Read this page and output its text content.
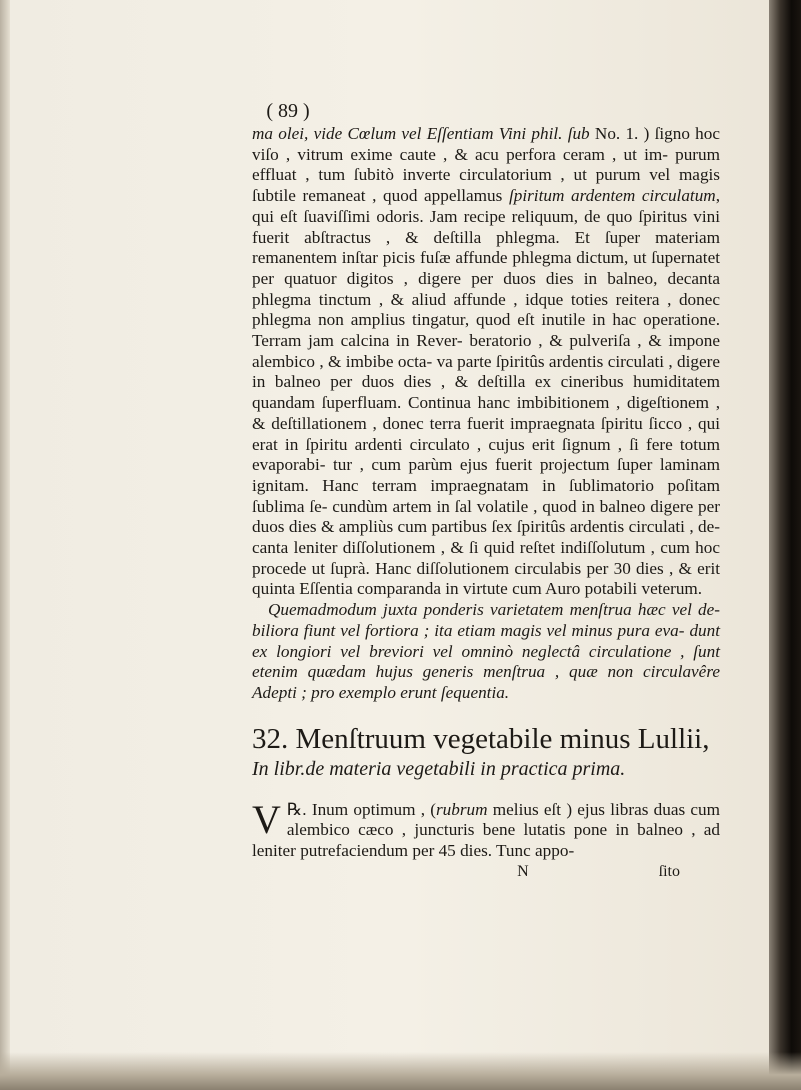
( 89 )

ma olei, vide Cœlum vel Eſſentiam Vini phil. ſub No. 1. ) ſigno hoc viſo , vitrum exime caute , & acu perfora ceram , ut im- purum effluat , tum ſubitò inverte circulatorium , ut purum vel magis ſubtile remaneat , quod appellamus ſpiritum ardentem circulatum, qui eſt ſuaviſſimi odoris. Jam recipe reliquum, de quo ſpiritus vini fuerit abſtractus , & deſtilla phlegma. Et ſuper materiam remanentem inſtar picis fuſæ affunde phlegma dictum, ut ſupernatet per quatuor digitos , digere per duos dies in balneo, decanta phlegma tinctum , & aliud affunde , idque toties reitera , donec phlegma non amplius tingatur, quod eſt inutile in hac operatione. Terram jam calcina in Rever- beratorio , & pulveriſa , & impone alembico , & imbibe octa- va parte ſpiritûs ardentis circulati , digere in balneo per duos dies , & deſtilla ex cineribus humiditatem quandam ſuperfluam. Continua hanc imbibitionem , digeſtionem , & deſtillationem , donec terra fuerit impraegnata ſpiritu ſicco , qui erat in ſpiritu ardenti circulato , cujus erit ſignum , ſi fere totum evaporabi- tur , cum parùm ejus fuerit projectum ſuper laminam ignitam. Hanc terram impraegnatam in ſublimatorio poſitam ſublima ſe- cundùm artem in ſal volatile , quod in balneo digere per duos dies & ampliùs cum partibus ſex ſpiritûs ardentis circulati , de- canta leniter diſſolutionem , & ſi quid reſtet indiſſolutum , cum hoc procede ut ſuprà. Hanc diſſolutionem circulabis per 30 dies , & erit quinta Eſſentia comparanda in virtute cum Auro potabili veterum.

Quemadmodum juxta ponderis varietatem menſtrua hæc vel de- biliora fiunt vel fortiora ; ita etiam magis vel minus pura eva- dunt ex longiori vel breviori vel omninò neglectâ circulatione , ſunt etenim quædam hujus generis menſtrua , quæ non circulavêre Adepti ; pro exemplo erunt ſequentia.

32. Menſtruum vegetabile minus Lullii,
In libr.de materia vegetabili in practica prima.

℞.
V Inum optimum , (rubrum melius eſt ) ejus libras duas cum alembico cæco , juncturis bene lutatis pone in balneo , ad leniter putrefaciendum per 45 dies. Tunc appo-

N	ſito
